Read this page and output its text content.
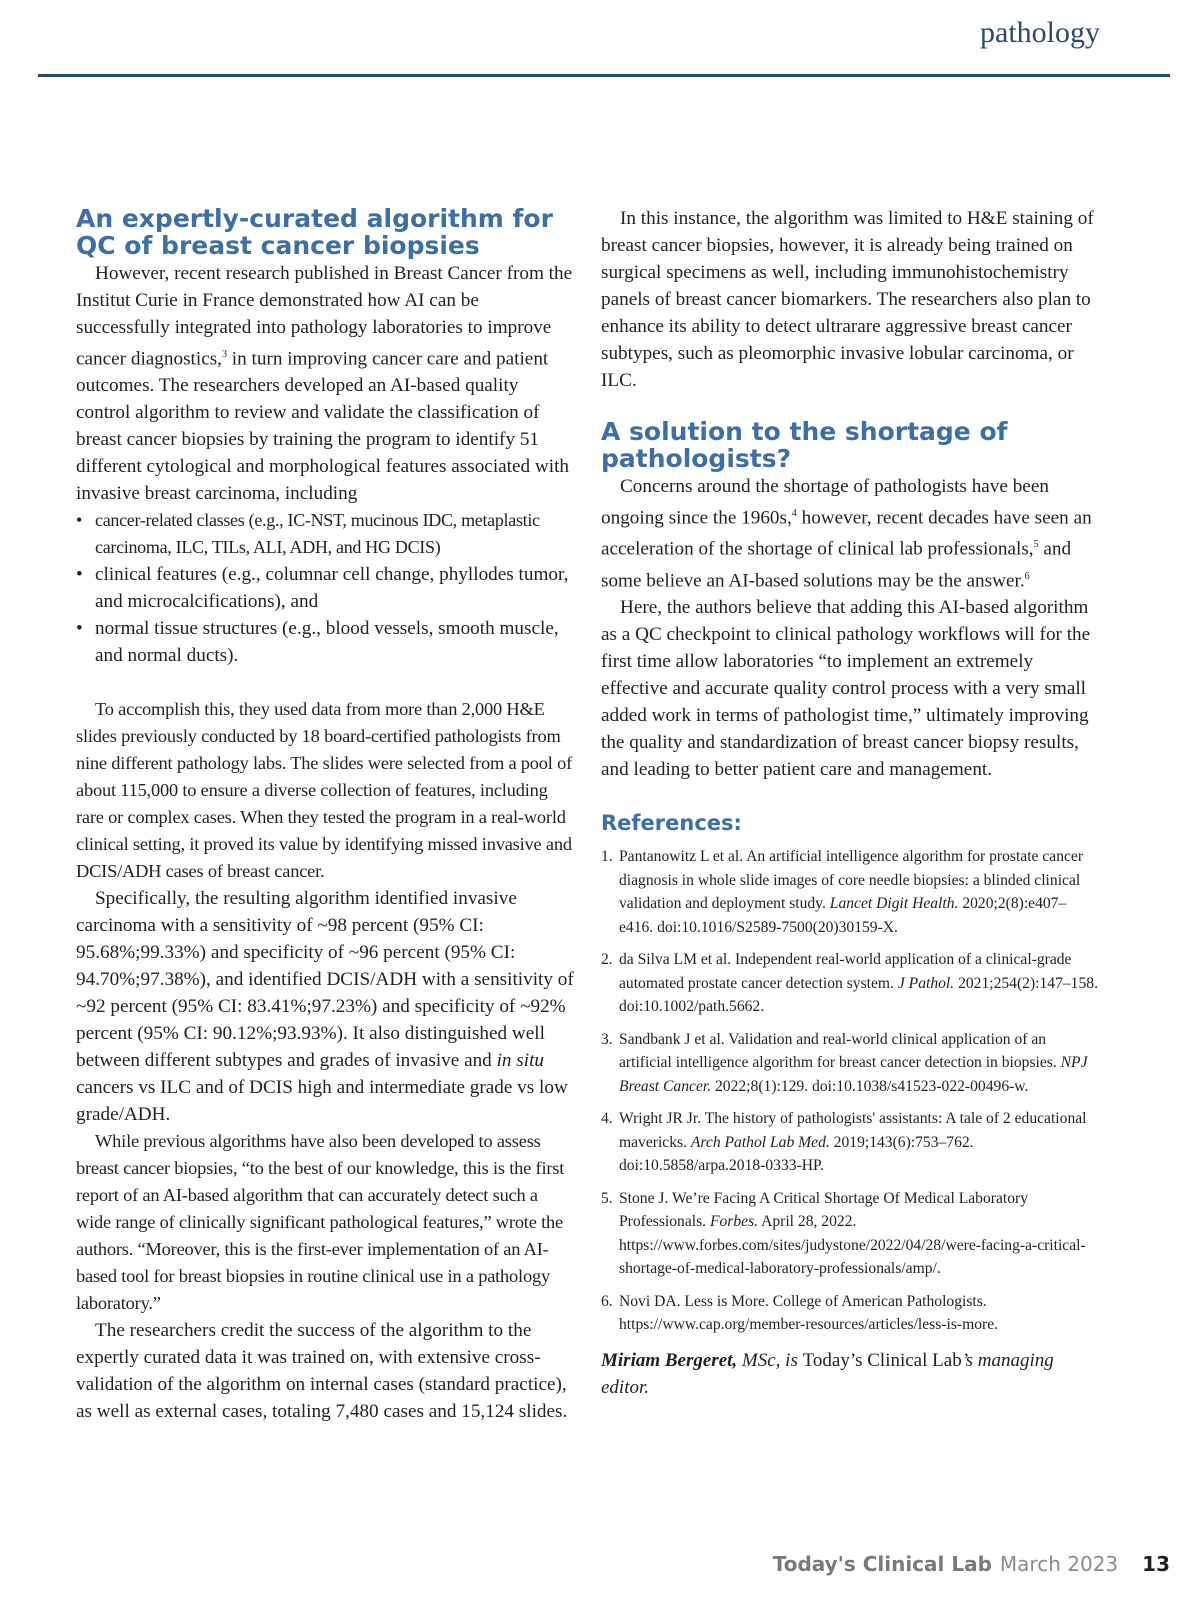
pathology
An expertly-curated algorithm for QC of breast cancer biopsies

However, recent research published in Breast Cancer from the Institut Curie in France demonstrated how AI can be successfully integrated into pathology laboratories to improve cancer diagnostics,$^3$ in turn improving cancer care and patient outcomes. The researchers developed an AI-based quality control algorithm to review and validate the classification of breast cancer biopsies by training the program to identify 51 different cytological and morphological features associated with invasive breast carcinoma, including

• cancer-related classes (e.g., IC-NST, mucinous IDC, metaplastic carcinoma, ILC, TILs, ALI, ADH, and HG DCIS)
• clinical features (e.g., columnar cell change, phyllodes tumor, and microcalcifications), and
• normal tissue structures (e.g., blood vessels, smooth muscle, and normal ducts).

To accomplish this, they used data from more than 2,000 H&E slides previously conducted by 18 board-certified pathologists from nine different pathology labs. The slides were selected from a pool of about 115,000 to ensure a diverse collection of features, including rare or complex cases. When they tested the program in a real-world clinical setting, it proved its value by identifying missed invasive and DCIS/ADH cases of breast cancer.

Specifically, the resulting algorithm identified invasive carcinoma with a sensitivity of ~98 percent (95% CI: 95.68%;99.33%) and specificity of ~96 percent (95% CI: 94.70%;97.38%), and identified DCIS/ADH with a sensitivity of ~92 percent (95% CI: 83.41%;97.23%) and specificity of ~92% percent (95% CI: 90.12%;93.93%). It also distinguished well between different subtypes and grades of invasive and in situ cancers vs ILC and of DCIS high and intermediate grade vs low grade/ADH.

While previous algorithms have also been developed to assess breast cancer biopsies, “to the best of our knowledge, this is the first report of an AI-based algorithm that can accurately detect such a wide range of clinically significant pathological features,” wrote the authors. “Moreover, this is the first-ever implementation of an AI-based tool for breast biopsies in routine clinical use in a pathology laboratory.”

The researchers credit the success of the algorithm to the expertly curated data it was trained on, with extensive cross-validation of the algorithm on internal cases (standard practice), as well as external cases, totaling 7,480 cases and 15,124 slides.

In this instance, the algorithm was limited to H&E staining of breast cancer biopsies, however, it is already being trained on surgical specimens as well, including immunohistochemistry panels of breast cancer biomarkers. The researchers also plan to enhance its ability to detect ultrarare aggressive breast cancer subtypes, such as pleomorphic invasive lobular carcinoma, or ILC.

A solution to the shortage of pathologists?

Concerns around the shortage of pathologists have been ongoing since the 1960s,$^4$ however, recent decades have seen an acceleration of the shortage of clinical lab professionals,$^5$ and some believe an AI-based solutions may be the answer.$^6$

Here, the authors believe that adding this AI-based algorithm as a QC checkpoint to clinical pathology workflows will for the first time allow laboratories “to implement an extremely effective and accurate quality control process with a very small added work in terms of pathologist time,” ultimately improving the quality and standardization of breast cancer biopsy results, and leading to better patient care and management.

References:
1. Pantanowitz L et al. An artificial intelligence algorithm for prostate cancer diagnosis in whole slide images of core needle biopsies: a blinded clinical validation and deployment study. Lancet Digit Health. 2020;2(8):e407–e416. doi:10.1016/S2589-7500(20)30159-X.
2. da Silva LM et al. Independent real-world application of a clinical-grade automated prostate cancer detection system. J Pathol. 2021;254(2):147–158. doi:10.1002/path.5662.
3. Sandbank J et al. Validation and real-world clinical application of an artificial intelligence algorithm for breast cancer detection in biopsies. NPJ Breast Cancer. 2022;8(1):129. doi:10.1038/s41523-022-00496-w.
4. Wright JR Jr. The history of pathologists' assistants: A tale of 2 educational mavericks. Arch Pathol Lab Med. 2019;143(6):753–762. doi:10.5858/arpa.2018-0333-HP.
5. Stone J. We’re Facing A Critical Shortage Of Medical Laboratory Professionals. Forbes. April 28, 2022. https://www.forbes.com/sites/judystone/2022/04/28/were-facing-a-critical-shortage-of-medical-laboratory-professionals/amp/.
6. Novi DA. Less is More. College of American Pathologists. https://www.cap.org/member-resources/articles/less-is-more.
Miriam Bergeret, MSc, is Today’s Clinical Lab’s managing editor.
Today's Clinical Lab March 2023 13
